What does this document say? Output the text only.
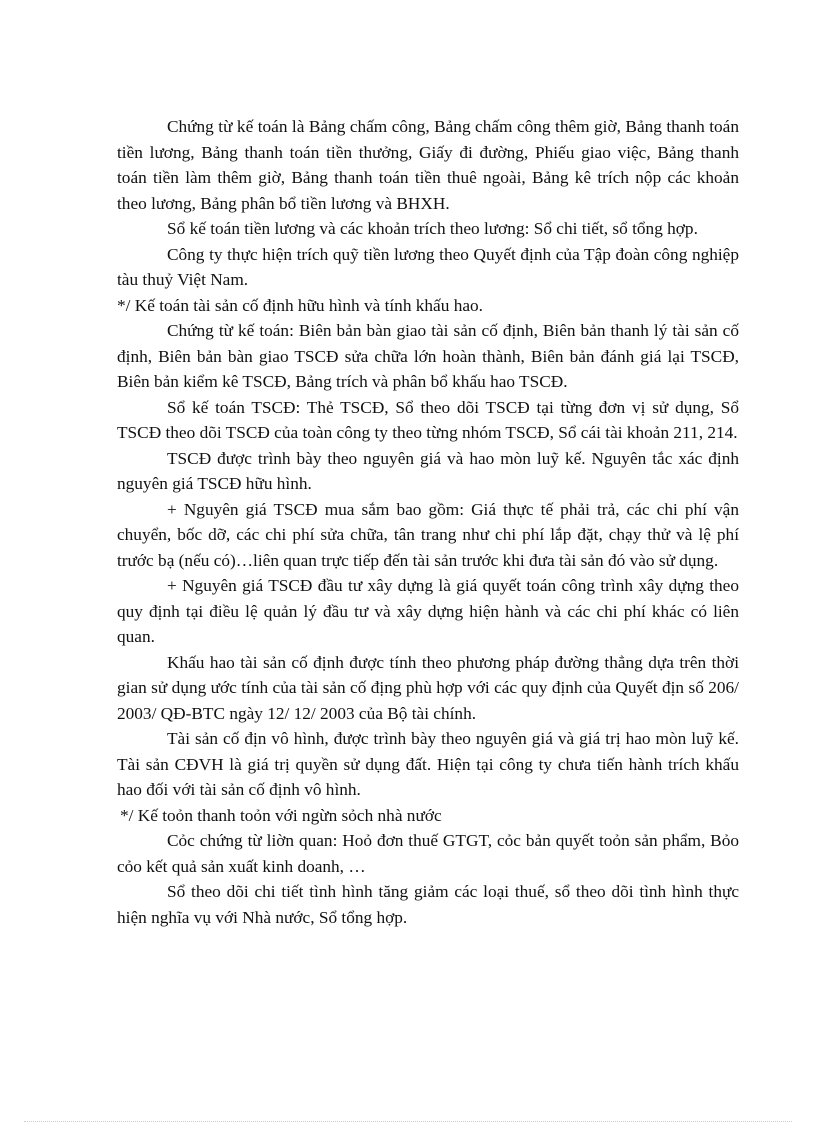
Chứng từ kế toán là Bảng chấm công, Bảng chấm công thêm giờ, Bảng thanh toán tiền lương, Bảng thanh toán tiền thưởng, Giấy đi đường, Phiếu giao việc, Bảng thanh toán tiền làm thêm giờ, Bảng thanh toán tiền thuê ngoài, Bảng kê trích nộp các khoản theo lương, Bảng phân bổ tiền lương và BHXH.

Sổ kế toán tiền lương và các khoản trích theo lương: Sổ chi tiết, sổ tổng hợp.

Công ty thực hiện trích quỹ tiền lương theo Quyết định của Tập đoàn công nghiệp tàu thuỷ Việt Nam.

*/ Kế toán tài sản cố định hữu hình và tính khấu hao.

Chứng từ kế toán: Biên bản bàn giao tài sản cố định, Biên bản thanh lý tài sản cố định, Biên bản bàn giao TSCĐ sửa chữa lớn hoàn thành, Biên bản đánh giá lại TSCĐ, Biên bản kiểm kê TSCĐ, Bảng trích và phân bổ khấu hao TSCĐ.

Sổ kế toán TSCĐ: Thẻ TSCĐ, Sổ theo dõi TSCĐ tại từng đơn vị sử dụng, Sổ TSCĐ theo dõi TSCĐ của toàn công ty theo từng nhóm TSCĐ, Sổ cái tài khoản 211, 214.

TSCĐ được trình bày theo nguyên giá và hao mòn luỹ kế. Nguyên tắc xác định nguyên giá TSCĐ hữu hình.

+ Nguyên giá TSCĐ mua sắm bao gồm: Giá thực tế phải trả, các chi phí vận chuyển, bốc dỡ, các chi phí sửa chữa, tân trang như chi phí lắp đặt, chạy thử và lệ phí trước bạ (nếu có)…liên quan trực tiếp đến tài sản trước khi đưa tài sản đó vào sử dụng.

+ Nguyên giá TSCĐ đầu tư xây dựng là giá quyết toán công trình xây dựng theo quy định tại điều lệ quản lý đầu tư và xây dựng hiện hành và các chi phí khác có liên quan.

Khấu hao tài sản cố định được tính theo phương pháp đường thẳng dựa trên thời gian sử dụng ước tính của tài sản cố địng phù hợp với các quy định của Quyết địn số 206/ 2003/ QĐ-BTC ngày 12/ 12/ 2003 của Bộ tài chính.

Tài sản cố địn vô hình, được trình bày theo nguyên giá và giá trị hao mòn luỹ kế. Tài sản CĐVH là giá trị quyền sử dụng đất. Hiện tại công ty chưa tiến hành trích khấu hao đối với tài sản cố định vô hình.

*/ Kế toỏn thanh toỏn với ngừn sỏch nhà nước

Cỏc chứng từ liờn quan: Hoỏ đơn thuế GTGT, cỏc bản quyết toỏn sản phẩm, Bỏo cỏo kết quả sản xuất kinh doanh, …

Sổ theo dõi chi tiết tình hình tăng giảm các loại thuế, sổ theo dõi tình hình thực hiện nghĩa vụ với Nhà nước, Sổ tổng hợp.
